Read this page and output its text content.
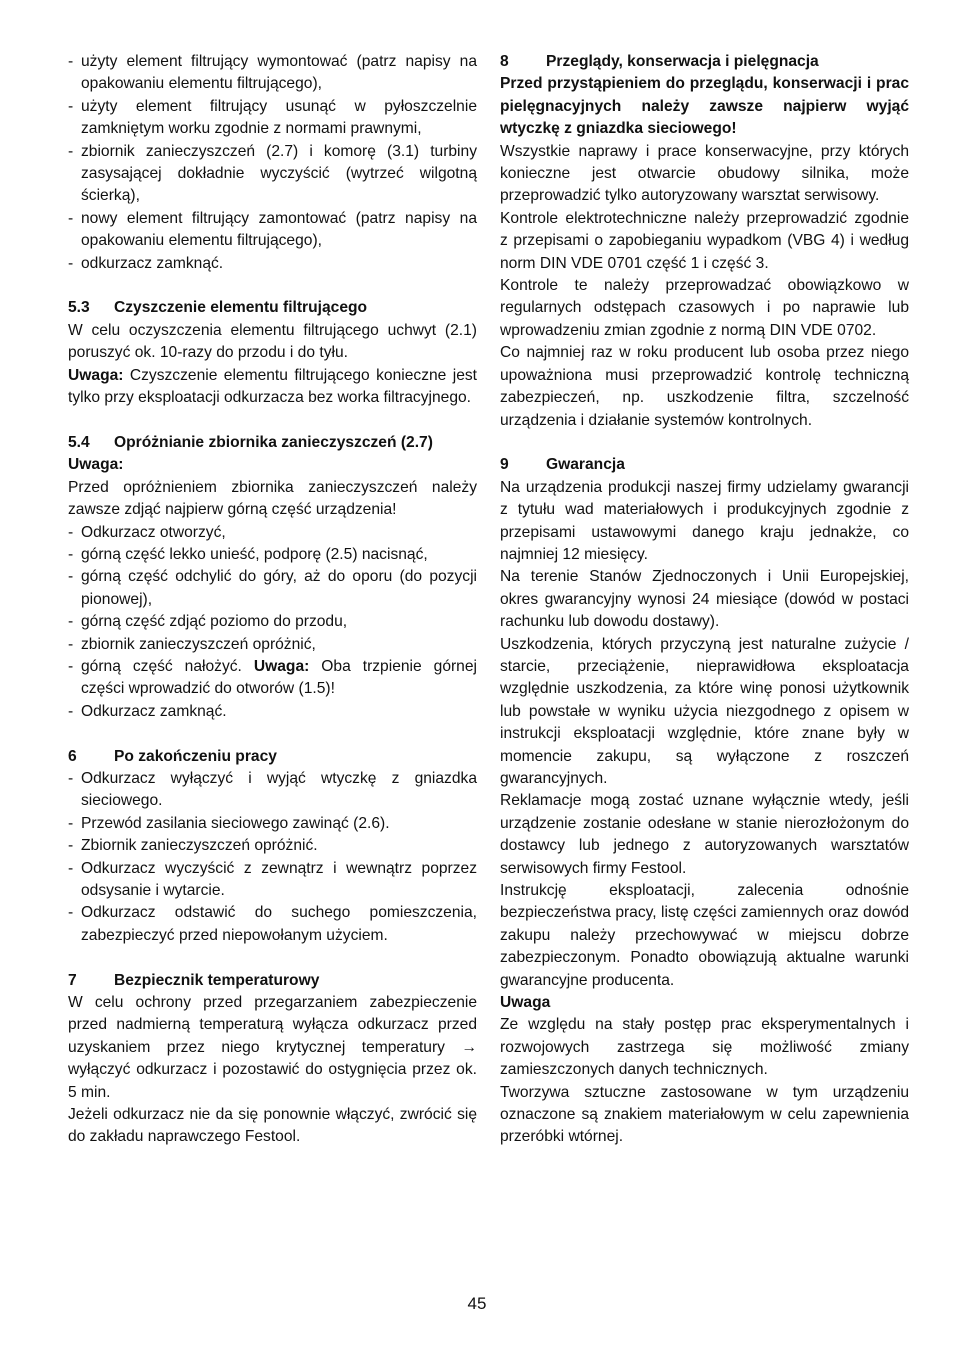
- użyty element filtrujący wymontować (patrz napisy na opakowaniu elementu filtrującego),

- użyty element filtrujący usunąć w pyłoszczelnie zamkniętym worku zgodnie z normami prawnymi,

- zbiornik zanieczyszczeń (2.7) i komorę (3.1) turbiny zasysającej dokładnie wyczyścić (wytrzeć wilgotną ścierką),

- nowy element filtrujący zamontować (patrz napisy na opakowaniu elementu filtrującego),

- odkurzacz zamknąć.

5.3	Czyszczenie elementu filtrującego

W celu oczyszczenia elementu filtrującego uchwyt (2.1) poruszyć ok. 10-razy do przodu i do tyłu.

Uwaga: Czyszczenie elementu filtrującego konieczne jest tylko przy eksploatacji odkurzacza bez worka filtracyjnego.

5.4	Opróżnianie zbiornika zanieczyszczeń (2.7)

Uwaga:

Przed opróżnieniem zbiornika zanieczyszczeń należy zawsze zdjąć najpierw górną część urządzenia!

- Odkurzacz otworzyć,

- górną część lekko unieść, podporę (2.5) nacisnąć,

- górną część odchylić do góry, aż do oporu (do pozycji pionowej),

- górną część zdjąć poziomo do przodu,

- zbiornik zanieczyszczeń opróżnić,

- górną część nałożyć. Uwaga: Oba trzpienie górnej części wprowadzić do otworów (1.5)!

- Odkurzacz zamknąć.

6	Po zakończeniu pracy

- Odkurzacz wyłączyć i wyjąć wtyczkę z gniazdka sieciowego.

- Przewód zasilania sieciowego zawinąć (2.6).

- Zbiornik zanieczyszczeń opróżnić.

- Odkurzacz wyczyścić z zewnątrz i wewnątrz poprzez odsysanie i wytarcie.

- Odkurzacz odstawić do suchego pomieszczenia, zabezpieczyć przed niepowołanym użyciem.

7	Bezpiecznik temperaturowy

W celu ochrony przed przegarzaniem zabezpieczenie przed nadmierną temperaturą wyłącza odkurzacz przed uzyskaniem przez niego krytycznej temperatury → wyłączyć odkurzacz i pozostawić do ostygnięcia przez ok. 5 min.

Jeżeli odkurzacz nie da się ponownie włączyć, zwrócić się do zakładu naprawczego Festool.

8	Przeglądy, konserwacja i pielęgnacja

Przed przystąpieniem do przeglądu, konserwacji i prac pielęgnacyjnych należy zawsze najpierw wyjąć wtyczkę z gniazdka sieciowego!

Wszystkie naprawy i prace konserwacyjne, przy których konieczne jest otwarcie obudowy silnika, może przeprowadzić tylko autoryzowany warsztat serwisowy.

Kontrole elektrotechniczne należy przeprowadzić zgodnie z przepisami o zapobieganiu wypadkom (VBG 4) i według norm DIN VDE 0701 część 1 i część 3.

Kontrole te należy przeprowadzać obowiązkowo w regularnych odstępach czasowych i po naprawie lub wprowadzeniu zmian zgodnie z normą DIN VDE 0702.

Co najmniej raz w roku producent lub osoba przez niego upoważniona musi przeprowadzić kontrolę techniczną zabezpieczeń, np. uszkodzenie filtra, szczelność urządzenia i działanie systemów kontrolnych.

9	Gwarancja

Na urządzenia produkcji naszej firmy udzielamy gwarancji z tytułu wad materiałowych i produkcyjnych zgodnie z przepisami ustawowymi danego kraju jednakże, co najmniej 12 miesięcy.

Na terenie Stanów Zjednoczonych i Unii Europejskiej, okres gwarancyjny wynosi 24 miesiące (dowód w postaci rachunku lub dowodu dostawy).

Uszkodzenia, których przyczyną jest naturalne zużycie / starcie, przeciążenie, nieprawidłowa eksploatacja względnie uszkodzenia, za które winę ponosi użytkownik lub powstałe w wyniku użycia niezgodnego z opisem w instrukcji eksploatacji względnie, które znane były w momencie zakupu, są wyłączone z roszczeń gwarancyjnych.

Reklamacje mogą zostać uznane wyłącznie wtedy, jeśli urządzenie zostanie odesłane w stanie nierozłożonym do dostawcy lub jednego z autoryzowanych warsztatów serwisowych firmy Festool.

Instrukcję eksploatacji, zalecenia odnośnie bezpieczeństwa pracy, listę części zamiennych oraz dowód zakupu należy przechowywać w miejscu dobrze zabezpieczonym. Ponadto obowiązują aktualne warunki gwarancyjne producenta.

Uwaga

Ze względu na stały postęp prac eksperymentalnych i rozwojowych zastrzega się możliwość zmiany zamieszczonych danych technicznych.

Tworzywa sztuczne zastosowane w tym urządzeniu oznaczone są znakiem materiałowym w celu zapewnienia przeróbki wtórnej.

45
